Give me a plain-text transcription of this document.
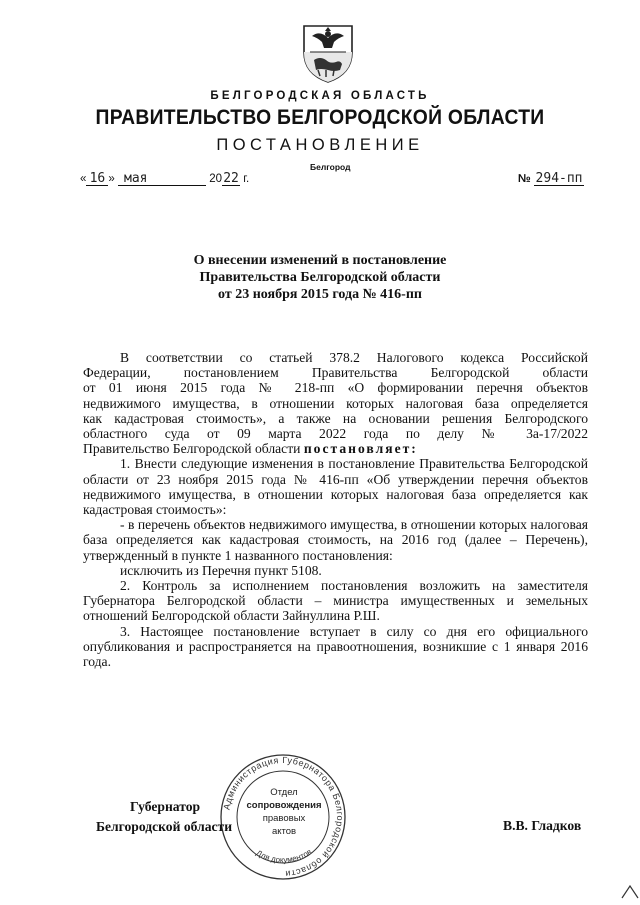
БЕЛГОРОДСКАЯ ОБЛАСТЬ
ПРАВИТЕЛЬСТВО БЕЛГОРОДСКОЙ ОБЛАСТИ
ПОСТАНОВЛЕНИЕ
Белгород
« 16 » мая	2022 г.	№ 294-пп
О внесении изменений в постановление
Правительства Белгородской области
от 23 ноября 2015 года № 416-пп

В соответствии со статьей 378.2 Налогового кодекса Российской

Федерации, постановлением Правительства Белгородской области

от 01 июня 2015 года № 218-пп «О формировании перечня объектов

недвижимого имущества, в отношении которых налоговая база определяется

как кадастровая стоимость», а также на основании решения Белгородского

областного суда от 09 марта 2022 года по делу № 3а-17/2022

Правительство Белгородской области постановляет:

1. Внести следующие изменения в постановление Правительства Белгородской области от 23 ноября 2015 года № 416-пп «Об утверждении перечня объектов недвижимого имущества, в отношении которых налоговая база определяется как кадастровая стоимость»:

- в перечень объектов недвижимого имущества, в отношении которых налоговая база определяется как кадастровая стоимость, на 2016 год (далее – Перечень), утвержденный в пункте 1 названного постановления:

исключить из Перечня пункт 5108.

2. Контроль за исполнением постановления возложить на заместителя Губернатора Белгородской области – министра имущественных и земельных отношений Белгородской области Зайнуллина Р.Ш.

3. Настоящее постановление вступает в силу со дня его официального опубликования и распространяется на правоотношения, возникшие с 1 января 2016 года.

Администрация Губернатора Белгородской области
Для документов
Отдел
сопровождения
правовых
актов
Губернатор
Белгородской области	В.В. Гладков
